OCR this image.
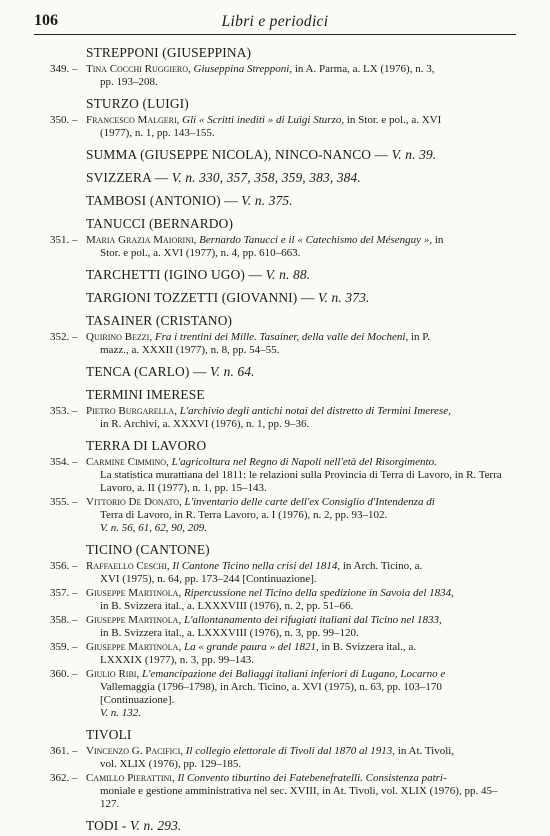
106	Libri e periodici
STREPPONI (GIUSEPPINA)
349. – Tina Cocchi Ruggiero, Giuseppina Strepponi, in A. Parma, a. LX (1976), n. 3,
pp. 193–208.
STURZO (LUIGI)
350. – Francesco Malgeri, Gli « Scritti inediti » di Luigi Sturzo, in Stor. e pol., a. XVI
(1977), n. 1, pp. 143–155.
SUMMA (GIUSEPPE NICOLA), NINCO-NANCO — V. n. 39.
SVIZZERA — V. n. 330, 357, 358, 359, 383, 384.
TAMBOSI (ANTONIO) — V. n. 375.
TANUCCI (BERNARDO)
351. – Maria Grazia Maiorini, Bernardo Tanucci e il « Catechismo del Mésenguy », in
Stor. e pol., a. XVI (1977), n. 4, pp. 610–663.
TARCHETTI (IGINO UGO) — V. n. 88.
TARGIONI TOZZETTI (GIOVANNI) — V. n. 373.
TASAINER (CRISTANO)
352. – Quirino Bezzi, Fra i trentini dei Mille. Tasainer, della valle dei Mocheni, in P.
mazz., a. XXXII (1977), n. 8, pp. 54–55.
TENCA (CARLO) — V. n. 64.
TERMINI IMERESE
353. – Pietro Burgarella, L'archivio degli antichi notai del distretto di Termini Imerese,
in R. Archivi, a. XXXVI (1976), n. 1, pp. 9–36.
TERRA DI LAVORO
354. – Carmine Cimmino, L'agricoltura nel Regno di Napoli nell'età del Risorgimento.
La statistica murattiana del 1811: le relazioni sulla Provincia di Terra di Lavoro, in R. Terra Lavoro, a. II (1977), n. 1, pp. 15–143.
355. – Vittorio De Donato, L'inventario delle carte dell'ex Consiglio d'Intendenza di
Terra di Lavoro, in R. Terra Lavoro, a. I (1976), n. 2, pp. 93–102.
V. n. 56, 61, 62, 90, 209.
TICINO (CANTONE)
356. – Raffaello Ceschi, Il Cantone Ticino nella crisi del 1814, in Arch. Ticino, a.
XVI (1975), n. 64, pp. 173–244 [Continuazione].
357. – Giuseppe Martinola, Ripercussione nel Ticino della spedizione in Savoia del 1834,
in B. Svizzera ital., a. LXXXVIII (1976), n. 2, pp. 51–66.
358. – Giuseppe Martinola, L'allontanamento dei rifugiati italiani dal Ticino nel 1833,
in B. Svizzera ital., a. LXXXVIII (1976), n. 3, pp. 99–120.
359. – Giuseppe Martinola, La « grande paura » del 1821, in B. Svizzera ital., a.
LXXXIX (1977), n. 3, pp. 99–143.
360. – Giulio Ribi, L'emancipazione dei Baliaggi italiani inferiori di Lugano, Locarno e
Vallemaggia (1796–1798), in Arch. Ticino, a. XVI (1975), n. 63, pp. 103–170 [Continuazione].
V. n. 132.
TIVOLI
361. – Vincenzo G. Pacifici, Il collegio elettorale di Tivoli dal 1870 al 1913, in At. Tivoli,
vol. XLIX (1976), pp. 129–185.
362. – Camillo Pierattini, Il Convento tiburtino dei Fatebenefratelli. Consistenza patri-
moniale e gestione amministrativa nel sec. XVIII, in At. Tivoli, vol. XLIX (1976), pp. 45–127.
TODI - V. n. 293.
